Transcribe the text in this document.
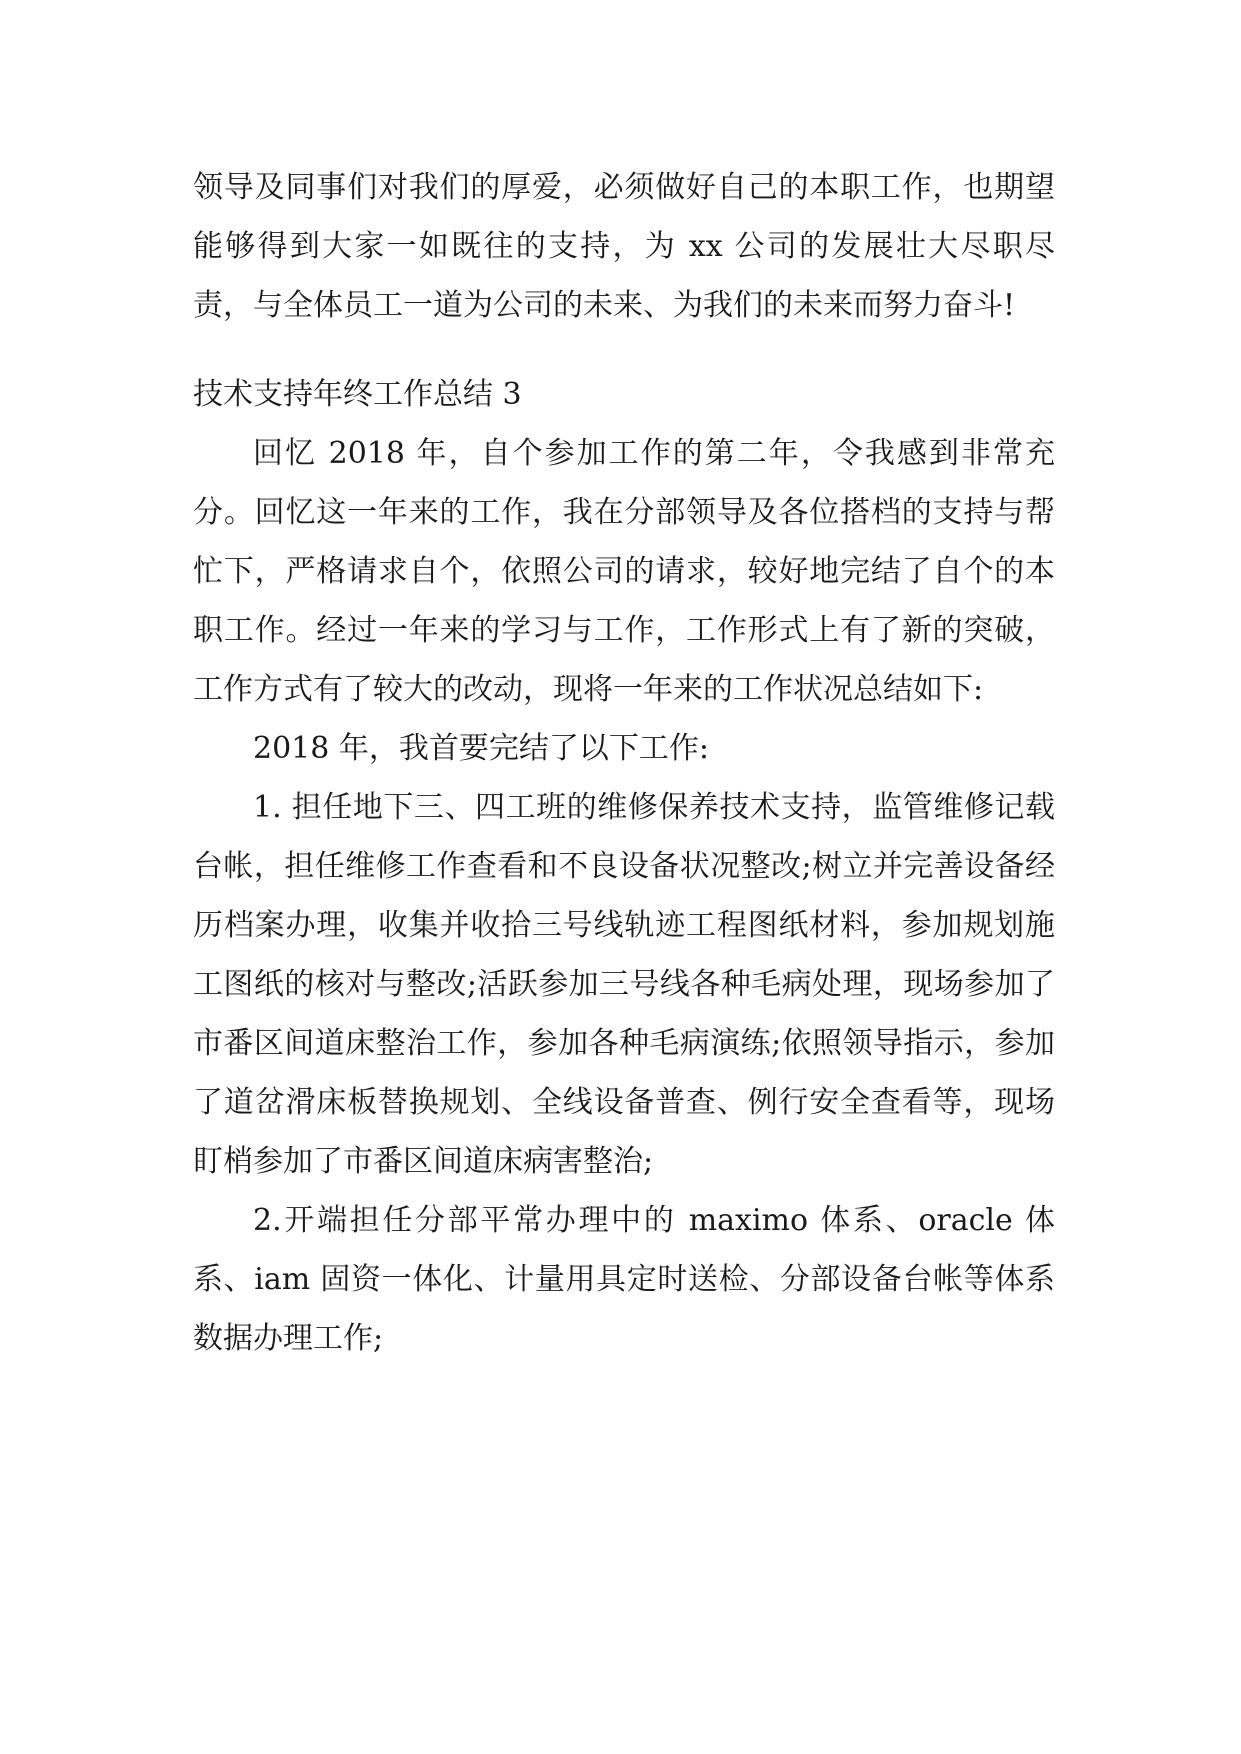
领导及同事们对我们的厚爱，必须做好自己的本职工作，也期望能够得到大家一如既往的支持，为 xx 公司的发展壮大尽职尽责，与全体员工一道为公司的未来、为我们的未来而努力奋斗!

技术支持年终工作总结 3

回忆 2018 年，自个参加工作的第二年，令我感到非常充分。回忆这一年来的工作，我在分部领导及各位搭档的支持与帮忙下，严格请求自个，依照公司的请求，较好地完结了自个的本职工作。经过一年来的学习与工作，工作形式上有了新的突破，工作方式有了较大的改动，现将一年来的工作状况总结如下:

2018 年，我首要完结了以下工作:

1. 担任地下三、四工班的维修保养技术支持，监管维修记载台帐，担任维修工作查看和不良设备状况整改;树立并完善设备经历档案办理，收集并收拾三号线轨迹工程图纸材料，参加规划施工图纸的核对与整改;活跃参加三号线各种毛病处理，现场参加了市番区间道床整治工作，参加各种毛病演练;依照领导指示，参加了道岔滑床板替换规划、全线设备普查、例行安全查看等，现场盯梢参加了市番区间道床病害整治;

2.开端担任分部平常办理中的 maximo 体系、oracle 体系、iam 固资一体化、计量用具定时送检、分部设备台帐等体系数据办理工作;
